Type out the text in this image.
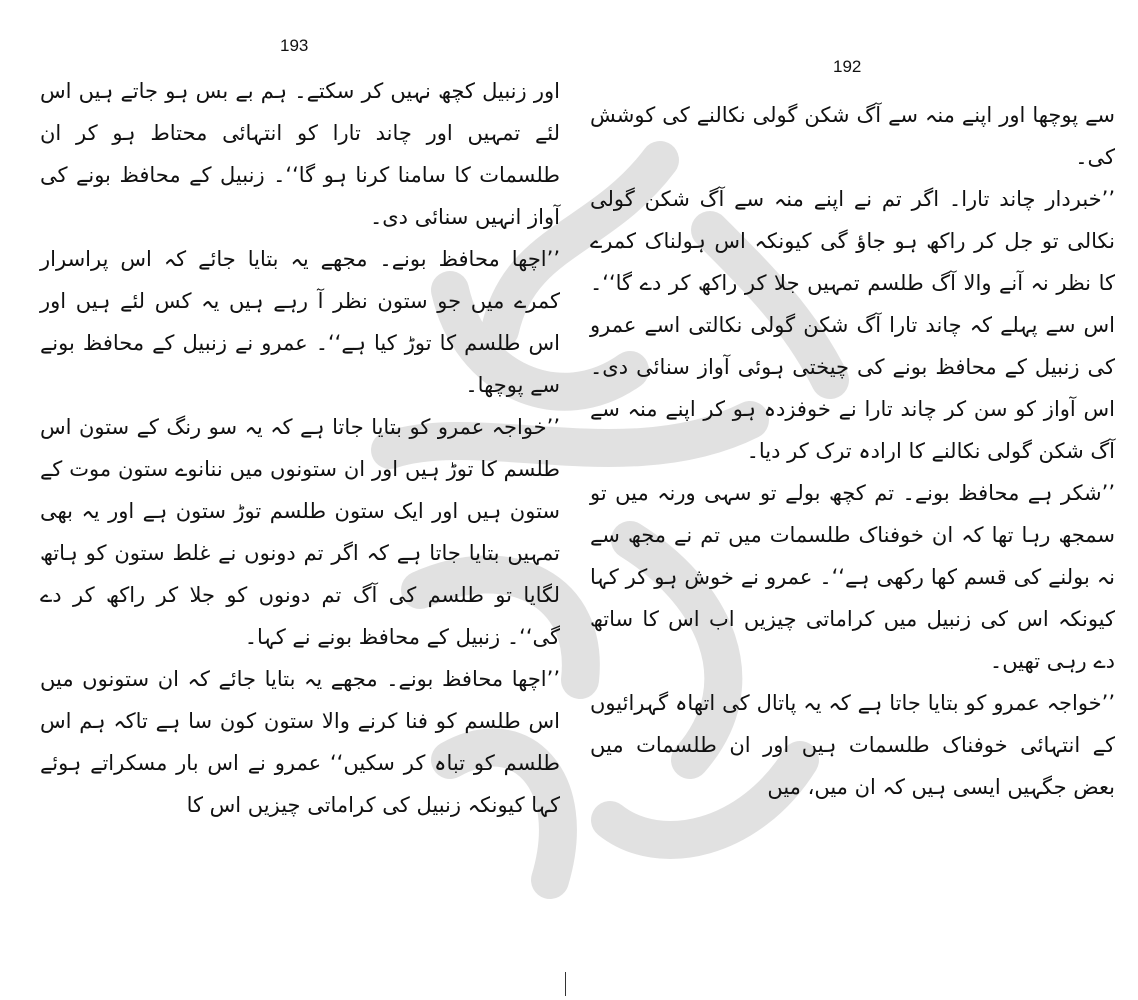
193

اور زنبیل کچھ نہیں کر سکتے۔ ہم بے بس ہو جاتے ہیں اس لئے تمہیں اور چاند تارا کو انتہائی محتاط ہو کر ان طلسمات کا سامنا کرنا ہو گا‘‘۔ زنبیل کے محافظ بونے کی آواز انہیں سنائی دی۔

’’اچھا محافظ بونے۔ مجھے یہ بتایا جائے کہ اس پراسرار کمرے میں جو ستون نظر آ رہے ہیں یہ کس لئے ہیں اور اس طلسم کا توڑ کیا ہے‘‘۔ عمرو نے زنبیل کے محافظ بونے سے پوچھا۔

’’خواجہ عمرو کو بتایا جاتا ہے کہ یہ سو رنگ کے ستون اس طلسم کا توڑ ہیں اور ان ستونوں میں ننانوے ستون موت کے ستون ہیں اور ایک ستون طلسم توڑ ستون ہے اور یہ بھی تمہیں بتایا جاتا ہے کہ اگر تم دونوں نے غلط ستون کو ہاتھ لگایا تو طلسم کی آگ تم دونوں کو جلا کر راکھ کر دے گی‘‘۔ زنبیل کے محافظ بونے نے کہا۔

’’اچھا محافظ بونے۔ مجھے یہ بتایا جائے کہ ان ستونوں میں اس طلسم کو فنا کرنے والا ستون کون سا ہے تاکہ ہم اس طلسم کو تباہ کر سکیں‘‘ عمرو نے اس بار مسکراتے ہوئے کہا کیونکہ زنبیل کی کراماتی چیزیں اس کا

192

سے پوچھا اور اپنے منہ سے آگ شکن گولی نکالنے کی کوشش کی۔

’’خبردار چاند تارا۔ اگر تم نے اپنے منہ سے آگ شکن گولی نکالی تو جل کر راکھ ہو جاؤ گی کیونکہ اس ہولناک کمرے کا نظر نہ آنے والا آگ طلسم تمہیں جلا کر راکھ کر دے گا‘‘۔ اس سے پہلے کہ چاند تارا آگ شکن گولی نکالتی اسے عمرو کی زنبیل کے محافظ بونے کی چیختی ہوئی آواز سنائی دی۔ اس آواز کو سن کر چاند تارا نے خوفزدہ ہو کر اپنے منہ سے آگ شکن گولی نکالنے کا ارادہ ترک کر دیا۔

’’شکر ہے محافظ بونے۔ تم کچھ بولے تو سہی ورنہ میں تو سمجھ رہا تھا کہ ان خوفناک طلسمات میں تم نے مجھ سے نہ بولنے کی قسم کھا رکھی ہے‘‘۔ عمرو نے خوش ہو کر کہا کیونکہ اس کی زنبیل میں کراماتی چیزیں اب اس کا ساتھ دے رہی تھیں۔

’’خواجہ عمرو کو بتایا جاتا ہے کہ یہ پاتال کی اتھاہ گہرائیوں کے انتہائی خوفناک طلسمات ہیں اور ان طلسمات میں بعض جگہیں ایسی ہیں کہ ان میں، میں
